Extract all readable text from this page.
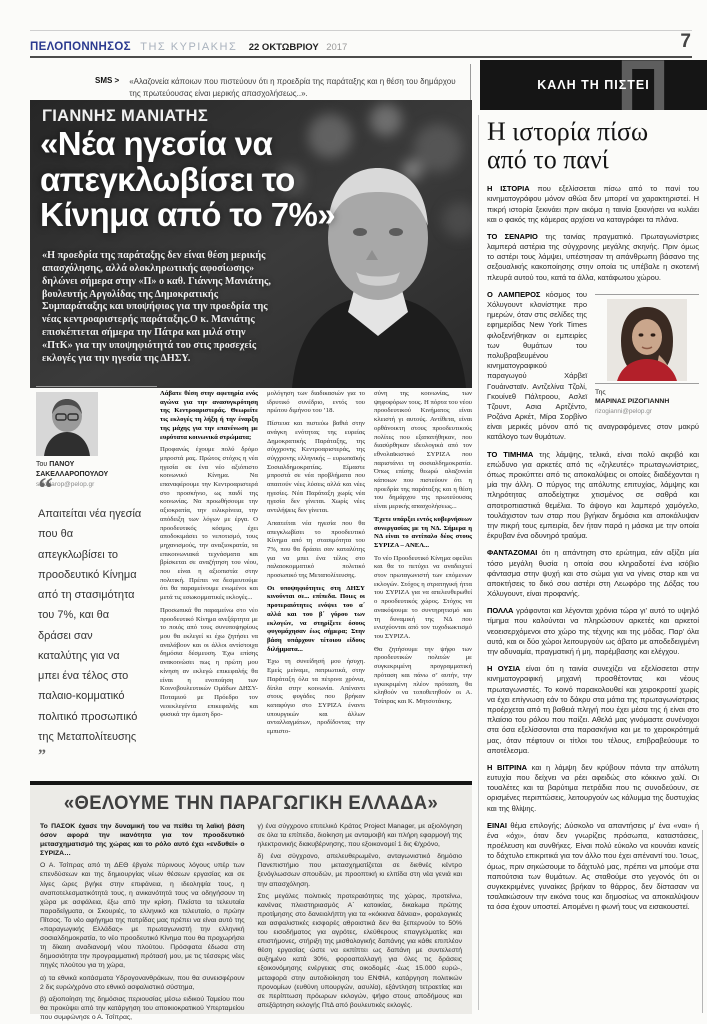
ΠΕΛΟΠΟΝΝΗΣΟΣ ΤΗΣ ΚΥΡΙΑΚΗΣ 22 ΟΚΤΩΒΡΙΟΥ 2017	7
SMS > «Αλαζονεία κάποιων που πιστεύουν ότι η προεδρία της παράταξης και η θέση του δημάρχου της πρωτεύουσας είναι μερικής απασχολήσεως..».	Π
ΚΑΛΗ ΤΗ ΠΙΣΤΕΙ
ΓΙΑΝΝΗΣ ΜΑΝΙΑΤΗΣ
«Νέα ηγεσία να απεγκλωβίσει το Κίνημα από το 7%»
«Η προεδρία της παράταξης δεν είναι θέση μερικής απασχόλησης, αλλά ολοκληρωτικής αφοσίωσης» δηλώνει σήμερα στην «Π» ο καθ. Γιάννης Μανιάτης, βουλευτής Αργολίδας της Δημοκρατικής Συμπαράταξης και υποψήφιος για την προεδρία της νέας κεντροαριστερής παράταξης.Ο κ. Μανιάτης επισκέπτεται σήμερα την Πάτρα και μιλά στην «ΠτΚ» για την υποψηφιότητά του στις προσεχείς εκλογές για την ηγεσία της ΔΗΣΥ.
Του ΠΑΝΟΥ
ΣΑΚΕΛΛΑΡΟΠΟΥΛΟΥ
sakelarop@pelop.gr
“
Απαιτείται νέα ηγεσία που θα απεγκλωβίσει το προοδευτικό Κίνημα από τη στασιμότητα του 7%, και θα δράσει σαν καταλύτης για να μπει ένα τέλος στο παλαιο-κομματικό πολιτικό προσωπικό της Μεταπολίτευσης ”

Λάβατε θέση στην αφετηρία ενός αγώνα για την ανασυγκρότηση της Κεντροαριστεράς. Θεωρείτε τις εκλογές τη λήξη ή την έναρξη της μάχης για την επανένωση με ευρύτατα κοινωνικά στρώματα;

Προφανώς έχουμε πολύ δρόμο μπροστά μας. Πρώτος στόχος η νέα ηγεσία σε ένα νέο αξιόπιστο κοινωνικό Κίνημα. Να επαναφέρουμε την Κεντροαριστερά στο προσκήνιο, ως παιδί της κοινωνίας. Να προωθήσουμε την αξιοκρατία, την ειλικρίνεια, την απόδειξη των λόγων με έργα. Ο προοδευτικός κόσμος έχει αποδοκιμάσει το νεποτισμό, τους μηχανισμούς, την αναξιοκρατία, τα επικοινωνιακά τεχνάσματα και βρίσκεται σε αναζήτηση του νέου, που είναι η αξιοπιστία στην πολιτική. Πρέπει να δεσμευτούμε ότι θα παραμείνουμε ενωμένοι και μετά τις εσωκομματικές εκλογές...

Προσωπικά θα παραμείνω στο νέο προοδευτικό Κίνημα ανεξάρτητα με το ποιός από τους συνυποψηφίους μου θα εκλεγεί κι έχω ζητήσει να αναλάβουν και οι άλλοι αντίστοιχα δημόσια δέσμευση. Έχω επίσης ανακοινώσει πως η πρώτη μου κίνηση αν εκλεγώ επικεφαλής θα είναι η ενοποίηση των Κοινοβουλευτικών Ομάδων ΔΗΣΥ-Ποταμιού με Πρόεδρο τον νεοεκλεγέντα επικεφαλής και φυσικά την άμεση δρο-

μολόγηση των διαδικασιών για το ιδρυτικό συνέδριο, εντός του πρώτου διμήνου του ’18.

Πίστευα και πιστεύω βαθιά στην ανάγκη ενότητας της ευρείας Δημοκρατικής Παράταξης, της σύγχρονης Κεντροαριστεράς, της σύγχρονης ελληνικής – ευρωπαϊκής Σοσιαλδημοκρατίας. Είμαστε μπροστά σε νέα προβλήματα που απαιτούν νέες λύσεις αλλά και νέες ηγεσίες. Νέα Παράταξη χωρίς νέα ηγεσία δεν γίνεται. Χωρίς νέες αντιλήψεις δεν γίνεται.

Απαιτείται νέα ηγεσία που θα απεγκλωβίσει το προοδευτικό Κίνημα από τη στασιμότητα του 7%, που θα δράσει σαν καταλύτης για να μπει ένα τέλος στο παλαιοκομματικό πολιτικό προσωπικό της Μεταπολίτευσης.

Οι υποψηφιότητες στη ΔΗΣΥ κινούνται σε... επίπεδα. Ποιες οι προτεραιότητες ενόψει του α΄ αλλά και του β΄ γύρου των εκλογών, να στηρίξετε όσους φυγομάχησαν έως σήμερα; Στην βάση υπάρχουν τέτοιου είδους διλήμματα...

Έχω τη συνείδησή μου ήσυχη. Εμείς μείναμε, πατριωτικά, στην Παράταξη όλα τα πέτρινα χρόνια, δίπλα στην κοινωνία. Απέναντι στους φυγάδες που βρήκαν καταφύγιο στο ΣΥΡΙΖΑ έναντι υπουργικών και άλλων ανταλλαγμάτων, προδίδοντας την εμπιστο-

σύνη της κοινωνίας, των ψηφοφόρων τους. Η πόρτα του νέου προοδευτικού Κινήματος είναι κλειστή γι αυτούς. Αντίθετα, είναι ορθάνοικτη στους προοδευτικούς πολίτες που εξαπατήθηκαν, που διασύρθηκαν ιδεολογικά από τον εθνολαϊκιστικό ΣΥΡΙΖΑ που παριστάνει τη σοσιαλδημοκρατία. Όπως επίσης θεωρώ αλαζονεία κάποιων που πιστεύουν ότι η προεδρία της παράταξης και η θέση του δημάρχου της πρωτεύουσας είναι μερικής απασχολήσεως...

Έχετε υπάρξει εντός κυβερνήσεων συνεργασίας με τη ΝΔ. Σήμερα η ΝΔ είναι το αντίπαλο δέος στους ΣΥΡΙΖΑ – ΑΝΕΛ...

Το νέο Προοδευτικό Κίνημα οφείλει και θα το πετύχει να αναδειχτεί στον πρωταγωνιστή των επόμενων εκλογών. Στόχος η στρατηγική ήττα του ΣΥΡΙΖΑ για να απελευθερωθεί ο προοδευτικός χώρος. Στόχος να ανακόψουμε το συντηρητισμό και τη δυναμική της ΝΔ που ενισχύονται από τον τυχοδιωκτισμό του ΣΥΡΙΖΑ.

Θα ζητήσουμε την ψήφο των προοδευτικών πολιτών με συγκεκριμένη προγραμματική πρόταση και πάνω σ’ αυτήν, την εγκεκριμένη πλέον πρόταση, θα κληθούν να τοποθετηθούν οι Α. Τσίπρας και Κ. Μητσοτάκης.

«ΘΕΛΟΥΜΕ ΤΗΝ ΠΑΡΑΓΩΓΙΚΗ ΕΛΛΑΔΑ»

Το ΠΑΣΟΚ έχασε την δυναμική του να πείθει τη λαϊκή βάση όσον αφορά την ικανότητα για τον προοδευτικό μετασχηματισμό της χώρας και το ρόλο αυτό έχει «ενδυθεί» ο ΣΥΡΙΖΑ…

Ο Α. Τσίπρας από τη ΔΕΘ έβγαλε πύρινους λόγους υπέρ των επενδύσεων και της δημιουργίας νέων θέσεων εργασίας και σε λίγες ώρες βγήκε στην επιφάνεια, η ιδεοληψία τους, η αναποτελεσματικότητά τους, η ανικανότητά τους να οδηγήσουν τη χώρα με ασφάλεια, έξω από την κρίση. Πλείστα τα τελευταία παραδείγματα, οι Σκουριές, το ελληνικό και τελευταίο, ο πρώην Πίτσος. Το νέο αφήγημα της πατρίδας μας πρέπει να είναι αυτό της «παραγωγικής Ελλάδας» με πρωταγωνιστή την ελληνική σοσιαλδημοκρατία, το νέο προοδευτικό Κίνημα που θα προχωρήσει τη δίκαιη αναδιανομή νέου πλούτου. Πρόσφατα έδωσα στη δημοσιότητα την προγραμματική πρότασή μου, με τις τέσσερις νέες πηγές πλούτου για τη χώρα,

α) τα εθνικά κοιτάσματα Υδρογονανθράκων, που θα συνεισφέρουν 2 δις ευρώ/χρόνο στο εθνικό ασφαλιστικό σύστημα,

β) αξιοποίηση της δημόσιας περιουσίας μέσω ειδικού Ταμείου που θα προκύψει από την κατάργηση του αποικιοκρατικού Υπερταμείου που συμφώνησε ο Α. Τσίπρας,

γ) ένα σύγχρονο επιτελικό Κράτος Project Manager, με αξιολόγηση σε όλα τα επίπεδα, διοίκηση με ανταμοιβή και πλήρη εφαρμογή της ηλεκτρονικής διακυβέρνησης, που εξοικονομεί 1 δις €/χρόνο,

δ) ένα σύγχρονο, απελευθερωμένο, ανταγωνιστικό δημόσιο Πανεπιστήμιο που μετασχηματίζεται σε διεθνές κέντρο ξενόγλωσσων σπουδών, με προοπτική κι ελπίδα στη νέα γενιά και την απασχόληση.

Στις μεγάλες πολιτικές προτεραιότητες της χώρας, προτείνω, κανένας πλειστηριασμός Α΄ κατοικίας, δικαίωμα πρώτης προτίμησης στο δανειολήπτη για τα «κόκκινα δάνεια», φορολογικές και ασφαλιστικές εισφορές αθροιστικά δεν θα ξεπερνούν το 50% του εισοδήματος για αγρότες, ελεύθερους επαγγελματίες και επιστήμονες, στήριξη της μισθολογικής δαπάνης για κάθε επιπλέον θέση εργασίας ώστε να εκπίπτει ως δαπάνη με συντελεστή αυξημένο κατά 30%, φοροαπαλλαγή για όλες τις δράσεις εξοικονόμησης ενέργειας στις οικοδομές -έως 15.000 ευρώ-, μεταφορά στην αυτοδιοίκηση του ΕΝΦΙΑ, κατάργηση πολιτικών προνομίων (ευθύνη υπουργών, ασυλία), εξάντληση τετραετίας και σε περίπτωση πρόωρων εκλογών, ψήφο στους αποδήμους και απεξάρτηση εκλογής ΠτΔ από βουλευτικές εκλογές.

Η ιστορία πίσω
από το πανί

Η ΙΣΤΟΡΙΑ που εξελίσσεται πίσω από το πανί του κινηματογράφου μόνον αθώα δεν μπορεί να χαρακτηριστεί. Η πικρή ιστορία ξεκινάει πριν ακόμα η ταινία ξεκινήσει να κυλάει και ο φακός της κάμερας αρχίσει να καταγράφει τα πλάνα.

ΤΟ ΣΕΝΑΡΙΟ της ταινίας πραγματικό. Πρωταγωνίστριες λαμπερά αστέρια της σύγχρονης μεγάλης σκηνής. Πριν όμως το αστέρι τους λάμψει, υπέστησαν τη απάνθρωπη βάσανο της σεξουαλικής κακοποίησης στην οποία τις υπέβαλε η σκοτεινή πλευρά αυτού του, κατά τα άλλα, κατάφωτου χώρου.

Της
ΜΑΡΙΝΑΣ ΡΙΖΟΓΙΑΝΝΗ
rizogianni@pelop.gr
Ο ΛΑΜΠΕΡΟΣ κόσμος του Χόλυγουντ κλονίστηκε προ ημερών, όταν στις σελίδες της εφημερίδας New York Times φιλοξενήθηκαν οι εμπειρίες των θυμάτων του πολυβραβευμένου κινηματογραφικού παραγωγού Χάρβεϊ Γουάινσταϊν. Αντζελίνα Τζολί, Γκουίνεθ Πάλτροου, Ασλεϊ Τζουντ, Ασια Αρτζέντο, Ροζάνα Αρκέτ, Μίρα Σορβίνο είναι μερικές μόνον από τις αναγραφόμενες στον μακρύ κατάλογο των θυμάτων.

ΤΟ ΤΙΜΗΜΑ της λάμψης, τελικά, είναι πολύ ακριβό και επώδυνο για αρκετές από τις «ζηλευτές» πρωταγωνίστριες, όπως προκύπτει από τις αποκαλύψεις οι οποίες διαδέχονται η μία την άλλη. Ο πύργος της απόλυτης επιτυχίας, λάμψης και πληρότητας αποδείχτηκε χτισμένος σε σαθρά και αποτροπιαστικά θεμέλια. Το άψογο και λαμπερό χαμόγελο, τουλάχιστον των σταρ που βγήκαν δημόσια και αποκάλυψαν την πικρή τους εμπειρία, δεν ήταν παρά η μάσκα με την οποία έκρυβαν ένα οδυνηρό τραύμα.

ΦΑΝΤΑΖΟΜΑΙ ότι η απάντηση στο ερώτημα, εάν αξίζει μία τόσο μεγάλη θυσία η οποία σου κληραδοτεί ένα ισόβιο φάντασμα στην ψυχή και στο σώμα για να γίνεις σταρ και να αποκτήσεις το δικό σου αστέρι στη Λεωφόρο της Δόξας του Χόλυγουντ, είναι προφανής.

ΠΟΛΛΑ γράφονται και λέγονται χρόνια τώρα γι' αυτό το υψηλό τίμημα που καλούνται να πληρώσουν αρκετές και αρκετοί νεοεισερχόμενοι στο χώρο της τέχνης και της μόδας. Παρ' όλα αυτά, και οι δύο χώροι λειτουργούν ως άβατο με αποδεδειγμένη την αδυναμία, πραγματική ή μη, παρέμβασης και ελέγχου.

Η ΟΥΣΙΑ είναι ότι η ταινία συνεχίζει να εξελίσσεται στην κινηματογραφική μηχανή προσθέτοντας και νέους πρωταγωνιστές. Το κοινό παρακολουθεί και χειροκροτεί χωρίς να έχει επίγνωση εάν το δάκρυ στα μάτια της πρωταγωνίστριας προέρχεται από τη βαθειά πληγή που έχει μέσα της ή είναι στο πλαίσιο του ρόλου που παίζει. Αθελά μας γινόμαστε συνένοχοι στα όσα εξελίσσονται στα παρασκήνια και με το χειροκρότημά μας, όταν πέφτουν οι τίτλοι του τέλους, επιβραβεύουμε το αποτέλεσμα.

Η ΒΙΤΡΙΝΑ και η λάμψη δεν κρύβουν πάντα την απόλυτη ευτυχία που δείχνει να ρέει αφειδώς στο κόκκινο χαλί. Οι τουαλέτες και τα βαρύτιμα πετράδια που τις συνοδεύουν, σε ορισμένες περιπτώσεις, λειτουργούν ως κάλυμμα της δυστυχίας και της θλίψης.

ΕΙΝΑΙ θέμα επιλογής; Δύσκολο να απαντήσεις μ' ένα «ναι» ή ένα «όχι», όταν δεν γνωρίζεις πρόσωπα, καταστάσεις, προέλευση και συνθήκες. Είναι πολύ εύκολο να κουνάει κανείς το δάχτυλο επικριτικά για τον άλλο που έχει απέναντί του. Ίσως, όμως, πριν σηκώσουμε το δάχτυλό μας, πρέπει να μπούμε στα παπούτσια των θυμάτων. Ας σταθούμε στο γεγονός ότι οι συγκεκριμένες γυναίκες βρήκαν το θάρρος, δεν δίστασαν να τσαλακώσουν την εικόνα τους και δημοσίως να αποκαλύψουν τα όσα έχουν υποστεί. Απομένει η φωνή τους να εισακουστεί.
